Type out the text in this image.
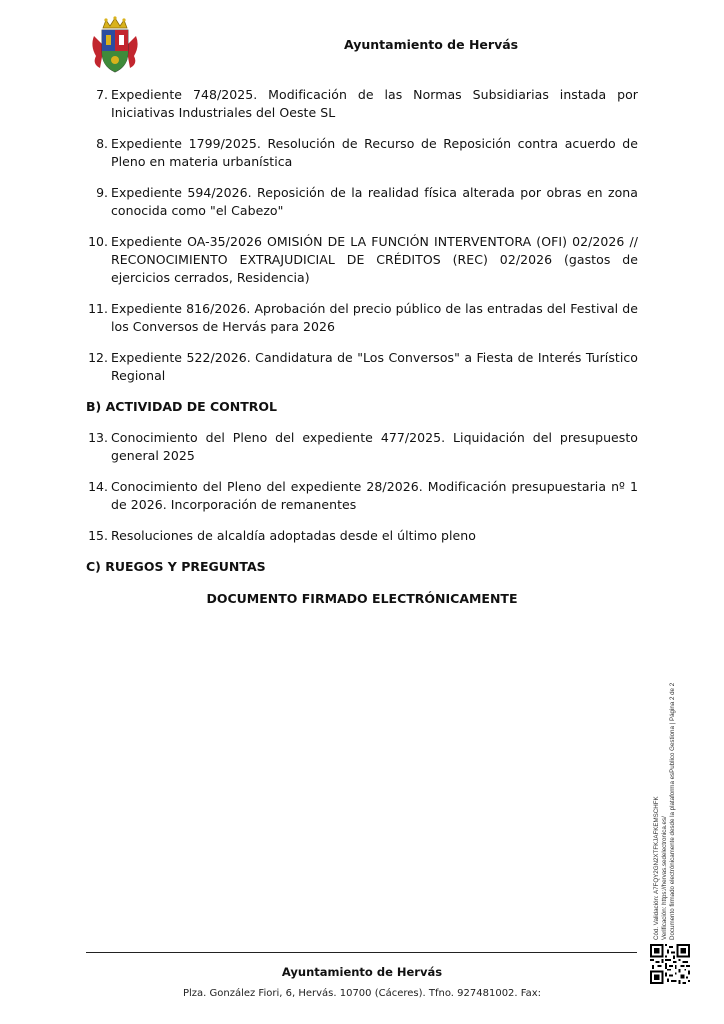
Ayuntamiento de Hervás
7. Expediente 748/2025. Modificación de las Normas Subsidiarias instada por Iniciativas Industriales del Oeste SL
8. Expediente 1799/2025. Resolución de Recurso de Reposición contra acuerdo de Pleno en materia urbanística
9. Expediente 594/2026. Reposición de la realidad física alterada por obras en zona conocida como "el Cabezo"
10. Expediente OA-35/2026 OMISIÓN DE LA FUNCIÓN INTERVENTORA (OFI) 02/2026 // RECONOCIMIENTO EXTRAJUDICIAL DE CRÉDITOS (REC) 02/2026 (gastos de ejercicios cerrados, Residencia)
11. Expediente 816/2026. Aprobación del precio público de las entradas del Festival de los Conversos de Hervás para 2026
12. Expediente 522/2026. Candidatura de "Los Conversos" a Fiesta de Interés Turístico Regional
B) ACTIVIDAD DE CONTROL
13. Conocimiento del Pleno del expediente 477/2025. Liquidación del presupuesto general 2025
14. Conocimiento del Pleno del expediente 28/2026. Modificación presupuestaria nº 1 de 2026. Incorporación de remanentes
15. Resoluciones de alcaldía adoptadas desde el último pleno
C) RUEGOS Y PREGUNTAS
DOCUMENTO FIRMADO ELECTRÓNICAMENTE
Cód. Validación: A7FQY2GN2XTFKJAFKEMSCHFK Verificación: https://hervas.sedelectronica.es/ Documento firmado electrónicamente desde la plataforma esPublico Gestiona | Página 2 de 2
Ayuntamiento de Hervás
Plza. González Fiori, 6, Hervás. 10700 (Cáceres). Tfno. 927481002. Fax:
